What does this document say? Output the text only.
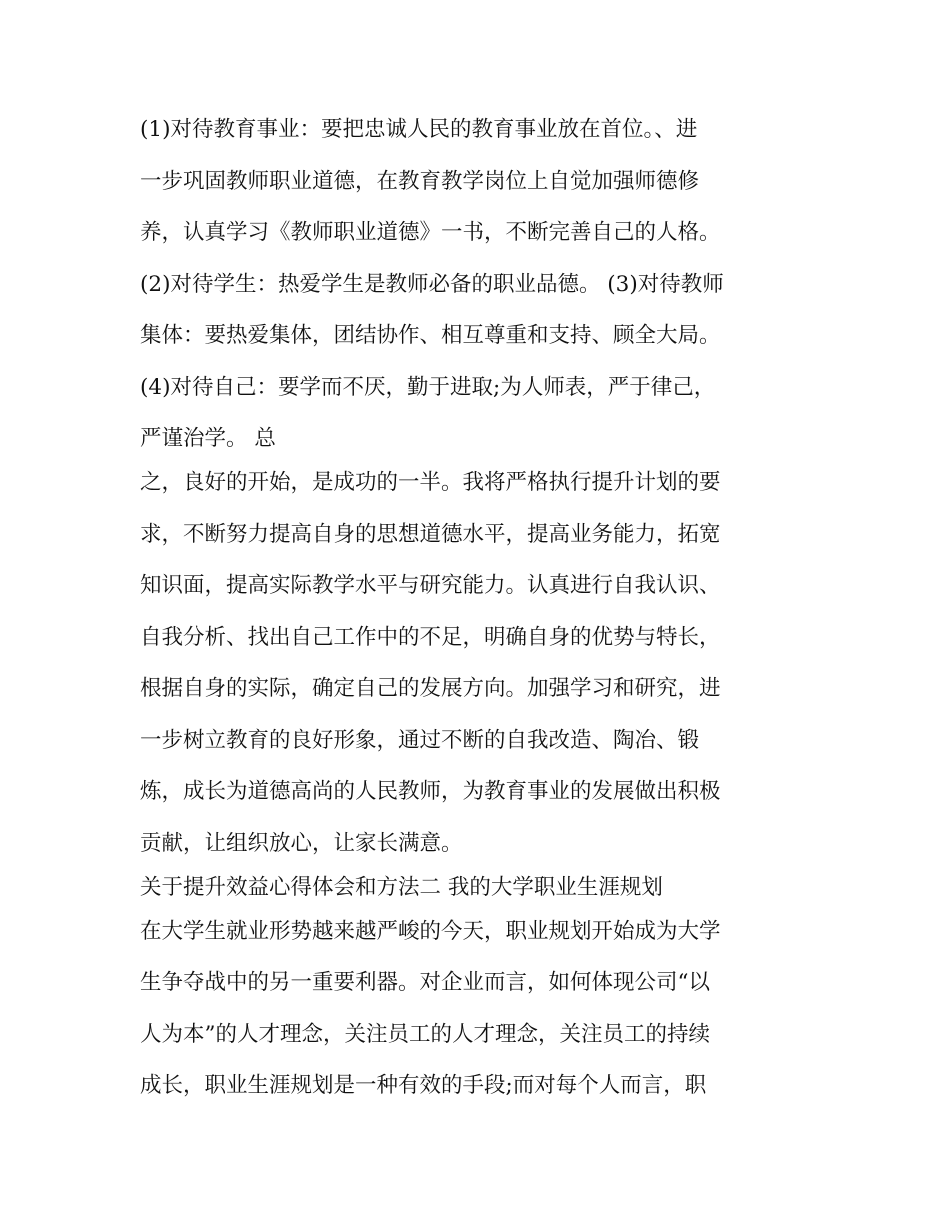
(1)对待教育事业：要把忠诚人民的教育事业放在首位。、进
一步巩固教师职业道德，在教育教学岗位上自觉加强师德修
养，认真学习《教师职业道德》一书，不断完善自己的人格。
(2)对待学生：热爱学生是教师必备的职业品德。 (3)对待教师
集体：要热爱集体，团结协作、相互尊重和支持、顾全大局。
(4)对待自己：要学而不厌，勤于进取;为人师表，严于律己，
严谨治学。 总
之，良好的开始，是成功的一半。我将严格执行提升计划的要
求，不断努力提高自身的思想道德水平，提高业务能力，拓宽
知识面，提高实际教学水平与研究能力。认真进行自我认识、
自我分析、找出自己工作中的不足，明确自身的优势与特长，
根据自身的实际，确定自己的发展方向。加强学习和研究，进
一步树立教育的良好形象，通过不断的自我改造、陶冶、锻
炼，成长为道德高尚的人民教师，为教育事业的发展做出积极
贡献，让组织放心，让家长满意。
关于提升效益心得体会和方法二 我的大学职业生涯规划
在大学生就业形势越来越严峻的今天，职业规划开始成为大学
生争夺战中的另一重要利器。对企业而言，如何体现公司“以
人为本”的人才理念，关注员工的人才理念，关注员工的持续
成长，职业生涯规划是一种有效的手段;而对每个人而言，职
